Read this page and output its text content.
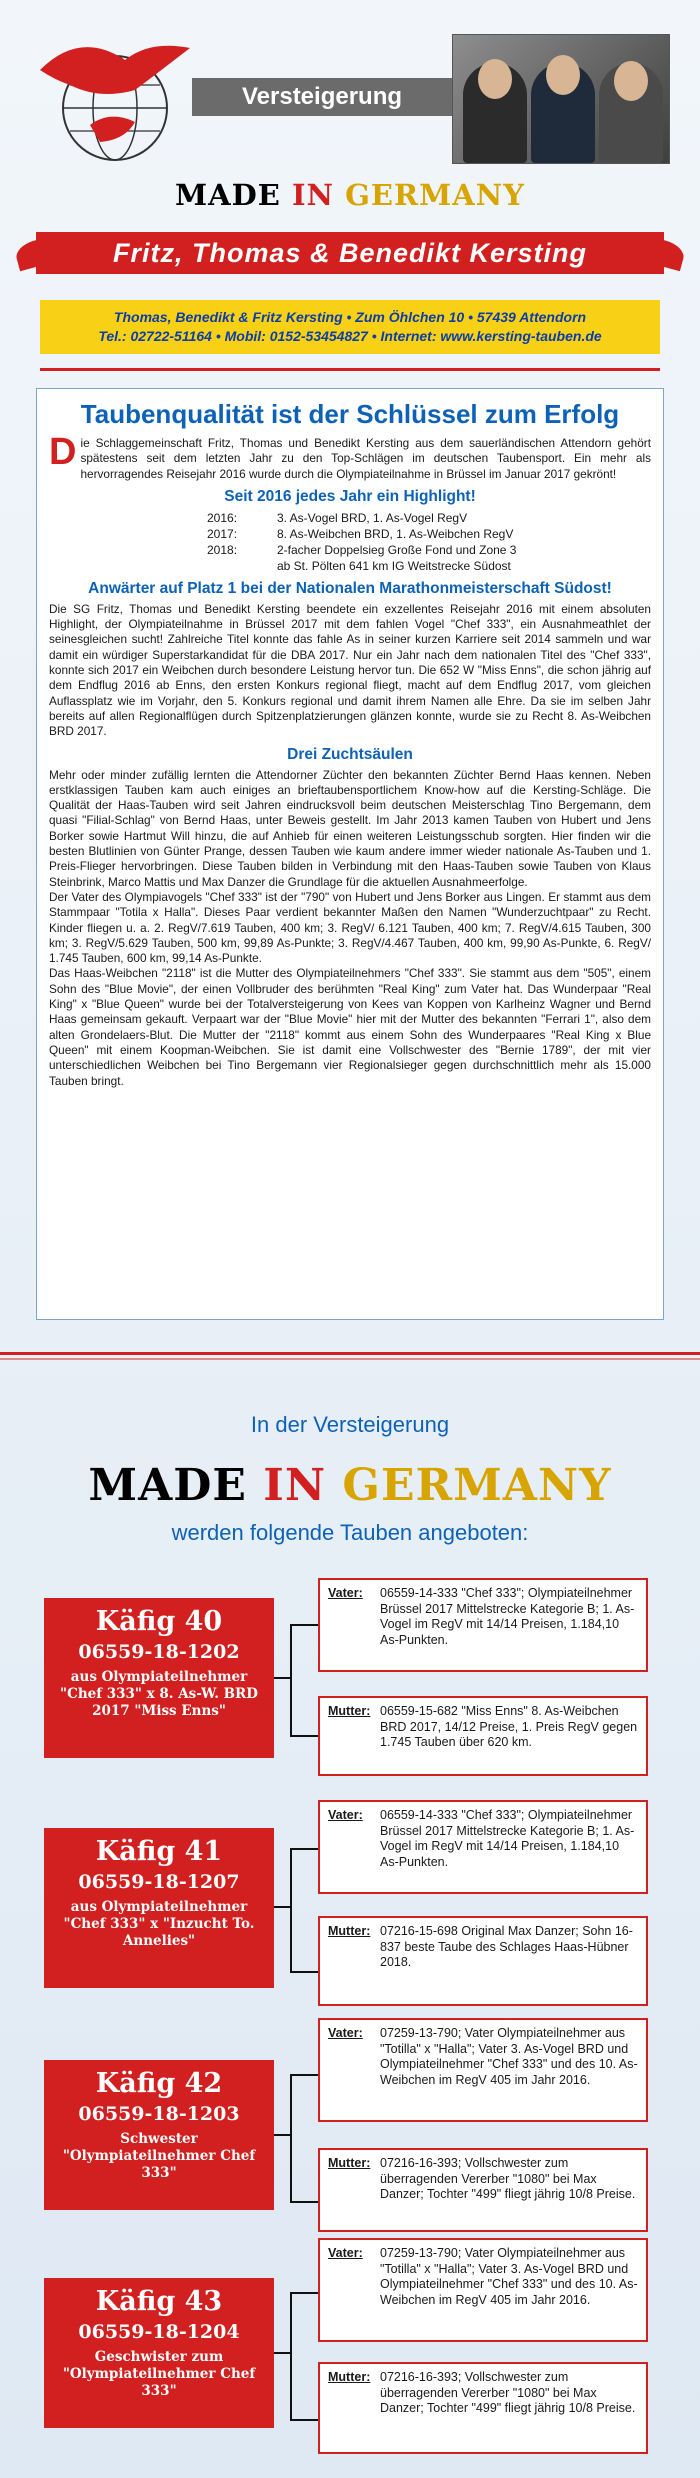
Versteigerung
MADE IN GERMANY
Fritz, Thomas & Benedikt Kersting
Thomas, Benedikt & Fritz Kersting • Zum Öhlchen 10 • 57439 Attendorn
Tel.: 02722-51164 • Mobil: 0152-53454827 • Internet: www.kersting-tauben.de
Taubenqualität ist der Schlüssel zum Erfolg

Die Schlaggemeinschaft Fritz, Thomas und Benedikt Kersting aus dem sauerländischen Attendorn gehört spätestens seit dem letzten Jahr zu den Top-Schlägen im deutschen Taubensport. Ein mehr als hervorragendes Reisejahr 2016 wurde durch die Olympiateilnahme in Brüssel im Januar 2017 gekrönt!

Seit 2016 jedes Jahr ein Highlight!
2016:	3. As-Vogel BRD, 1. As-Vogel RegV
2017:	8. As-Weibchen BRD, 1. As-Weibchen RegV
2018:	2-facher Doppelsieg Große Fond und Zone 3
ab St. Pölten 641 km IG Weitstrecke Südost
Anwärter auf Platz 1 bei der Nationalen Marathonmeisterschaft Südost!

Die SG Fritz, Thomas und Benedikt Kersting beendete ein exzellentes Reisejahr 2016 mit einem absoluten Highlight, der Olympiateilnahme in Brüssel 2017 mit dem fahlen Vogel "Chef 333", ein Ausnahmeathlet der seinesgleichen sucht! Zahlreiche Titel konnte das fahle As in seiner kurzen Karriere seit 2014 sammeln und war damit ein würdiger Superstarkandidat für die DBA 2017. Nur ein Jahr nach dem nationalen Titel des "Chef 333", konnte sich 2017 ein Weibchen durch besondere Leistung hervor tun. Die 652 W "Miss Enns", die schon jährig auf dem Endflug 2016 ab Enns, den ersten Konkurs regional fliegt, macht auf dem Endflug 2017, vom gleichen Auflassplatz wie im Vorjahr, den 5. Konkurs regional und damit ihrem Namen alle Ehre. Da sie im selben Jahr bereits auf allen Regionalflügen durch Spitzenplatzierungen glänzen konnte, wurde sie zu Recht 8. As-Weibchen BRD 2017.

Drei Zuchtsäulen

Mehr oder minder zufällig lernten die Attendorner Züchter den bekannten Züchter Bernd Haas kennen. Neben erstklassigen Tauben kam auch einiges an brieftaubensportlichem Know-how auf die Kersting-Schläge. Die Qualität der Haas-Tauben wird seit Jahren eindrucksvoll beim deutschen Meisterschlag Tino Bergemann, dem quasi "Filial-Schlag" von Bernd Haas, unter Beweis gestellt. Im Jahr 2013 kamen Tauben von Hubert und Jens Borker sowie Hartmut Will hinzu, die auf Anhieb für einen weiteren Leistungsschub sorgten. Hier finden wir die besten Blutlinien von Günter Prange, dessen Tauben wie kaum andere immer wieder nationale As-Tauben und 1. Preis-Flieger hervorbringen. Diese Tauben bilden in Verbindung mit den Haas-Tauben sowie Tauben von Klaus Steinbrink, Marco Mattis und Max Danzer die Grundlage für die aktuellen Ausnahmeerfolge.

Der Vater des Olympiavogels "Chef 333" ist der "790" von Hubert und Jens Borker aus Lingen. Er stammt aus dem Stammpaar "Totila x Halla". Dieses Paar verdient bekannter Maßen den Namen "Wunderzuchtpaar" zu Recht. Kinder fliegen u. a. 2. RegV/7.619 Tauben, 400 km; 3. RegV/ 6.121 Tauben, 400 km; 7. RegV/4.615 Tauben, 300 km; 3. RegV/5.629 Tauben, 500 km, 99,89 As-Punkte; 3. RegV/4.467 Tauben, 400 km, 99,90 As-Punkte, 6. RegV/ 1.745 Tauben, 600 km, 99,14 As-Punkte.

Das Haas-Weibchen "2118" ist die Mutter des Olympiateilnehmers "Chef 333". Sie stammt aus dem "505", einem Sohn des "Blue Movie", der einen Vollbruder des berühmten "Real King" zum Vater hat. Das Wunderpaar "Real King" x "Blue Queen" wurde bei der Totalversteigerung von Kees van Koppen von Karlheinz Wagner und Bernd Haas gemeinsam gekauft. Verpaart war der "Blue Movie" hier mit der Mutter des bekannten "Ferrari 1", also dem alten Grondelaers-Blut. Die Mutter der "2118" kommt aus einem Sohn des Wunderpaares "Real King x Blue Queen" mit einem Koopman-Weibchen. Sie ist damit eine Vollschwester des "Bernie 1789", der mit vier unterschiedlichen Weibchen bei Tino Bergemann vier Regionalsieger gegen durchschnittlich mehr als 15.000 Tauben bringt.

In der Versteigerung
MADE IN GERMANY
werden folgende Tauben angeboten:
Käfig 40
06559-18-1202
aus Olympiateilnehmer "Chef 333" x 8. As-W. BRD 2017 "Miss Enns"
Vater:	06559-14-333 "Chef 333"; Olympiateilnehmer Brüssel 2017 Mittelstrecke Kategorie B; 1. As-Vogel im RegV mit 14/14 Preisen, 1.184,10 As-Punkten.
Mutter: 06559-15-682 "Miss Enns" 8. As-Weibchen BRD 2017, 14/12 Preise, 1. Preis RegV gegen 1.745 Tauben über 620 km.
Käfig 41
06559-18-1207
aus Olympiateilnehmer "Chef 333" x "Inzucht To. Annelies"
Vater:	06559-14-333 "Chef 333"; Olympiateilnehmer Brüssel 2017 Mittelstrecke Kategorie B; 1. As-Vogel im RegV mit 14/14 Preisen, 1.184,10 As-Punkten.
Mutter: 07216-15-698 Original Max Danzer; Sohn 16-837 beste Taube des Schlages Haas-Hübner 2018.
Käfig 42
06559-18-1203
Schwester "Olympiateilnehmer Chef 333"
Vater:	07259-13-790; Vater Olympiateilnehmer aus "Totilla" x "Halla"; Vater 3. As-Vogel BRD und Olympiateilnehmer "Chef 333" und des 10. As-Weibchen im RegV 405 im Jahr 2016.
Mutter: 07216-16-393; Vollschwester zum überragenden Vererber "1080" bei Max Danzer; Tochter "499" fliegt jährig 10/8 Preise.
Käfig 43
06559-18-1204
Geschwister zum "Olympiateilnehmer Chef 333"
Vater:	07259-13-790; Vater Olympiateilnehmer aus "Totilla" x "Halla"; Vater 3. As-Vogel BRD und Olympiateilnehmer "Chef 333" und des 10. As-Weibchen im RegV 405 im Jahr 2016.
Mutter: 07216-16-393; Vollschwester zum überragenden Vererber "1080" bei Max Danzer; Tochter "499" fliegt jährig 10/8 Preise.
